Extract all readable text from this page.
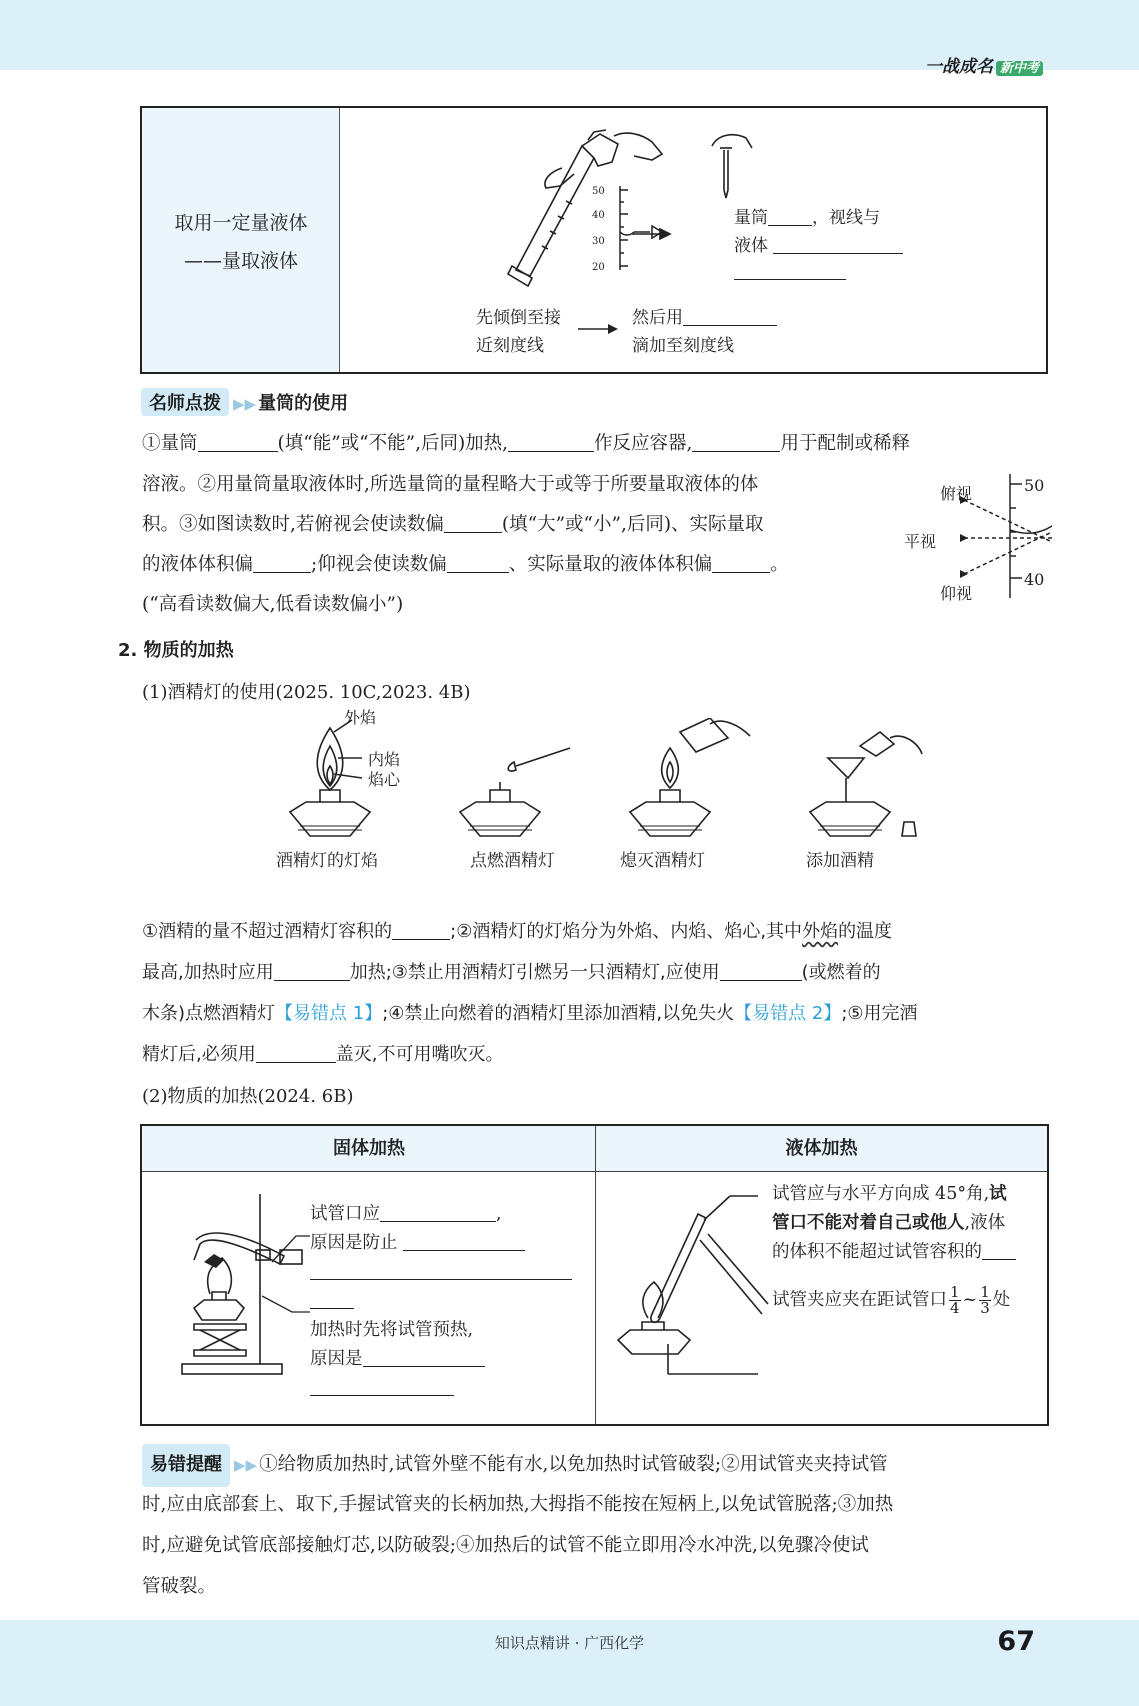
一战成名 新中考
取用一定量液体
——量取液体
50
40
30
20
量筒	，视线与
液体
先倾倒至接
近刻度线
然后用
滴加至刻度线
名师点拨 ▶▶ 量筒的使用
①量筒	(填“能”或“不能”,后同)加热,	作反应容器,	用于配制或稀释
溶液。②用量筒量取液体时,所选量筒的量程略大于或等于所要量取液体的体
积。③如图读数时,若俯视会使读数偏	(填“大”或“小”,后同)、实际量取
的液体体积偏	;仰视会使读数偏	、实际量取的液体体积偏	。
(“高看读数偏大,低看读数偏小”)
俯视
平视
仰视
50
40
2. 物质的加热
(1)酒精灯的使用(2025. 10C,2023. 4B)
外焰
内焰
焰心
酒精灯的灯焰	点燃酒精灯	熄灭酒精灯	添加酒精
①酒精的量不超过酒精灯容积的	;②酒精灯的灯焰分为外焰、内焰、焰心,其中外焰的温度
最高,加热时应用	加热;③禁止用酒精灯引燃另一只酒精灯,应使用	(或燃着的
木条)点燃酒精灯【易错点 1】;④禁止向燃着的酒精灯里添加酒精,以免失火【易错点 2】;⑤用完酒
精灯后,必须用	盖灭,不可用嘴吹灭。
(2)物质的加热(2024. 6B)
固体加热	液体加热
试管口应	,
原因是防止
加热时先将试管预热,
原因是
试管应与水平方向成 45°角,试
管口不能对着自己或他人,液体
的体积不能超过试管容积的
试管夹应夹在距试管口 $\frac{1}{4}$ ~ $\frac{1}{3}$ 处
易错提醒 ▶▶ ①给物质加热时,试管外壁不能有水,以免加热时试管破裂;②用试管夹夹持试管
时,应由底部套上、取下,手握试管夹的长柄加热,大拇指不能按在短柄上,以免试管脱落;③加热
时,应避免试管底部接触灯芯,以防破裂;④加热后的试管不能立即用冷水冲洗,以免骤冷使试
管破裂。
知识点精讲 · 广西化学	67
